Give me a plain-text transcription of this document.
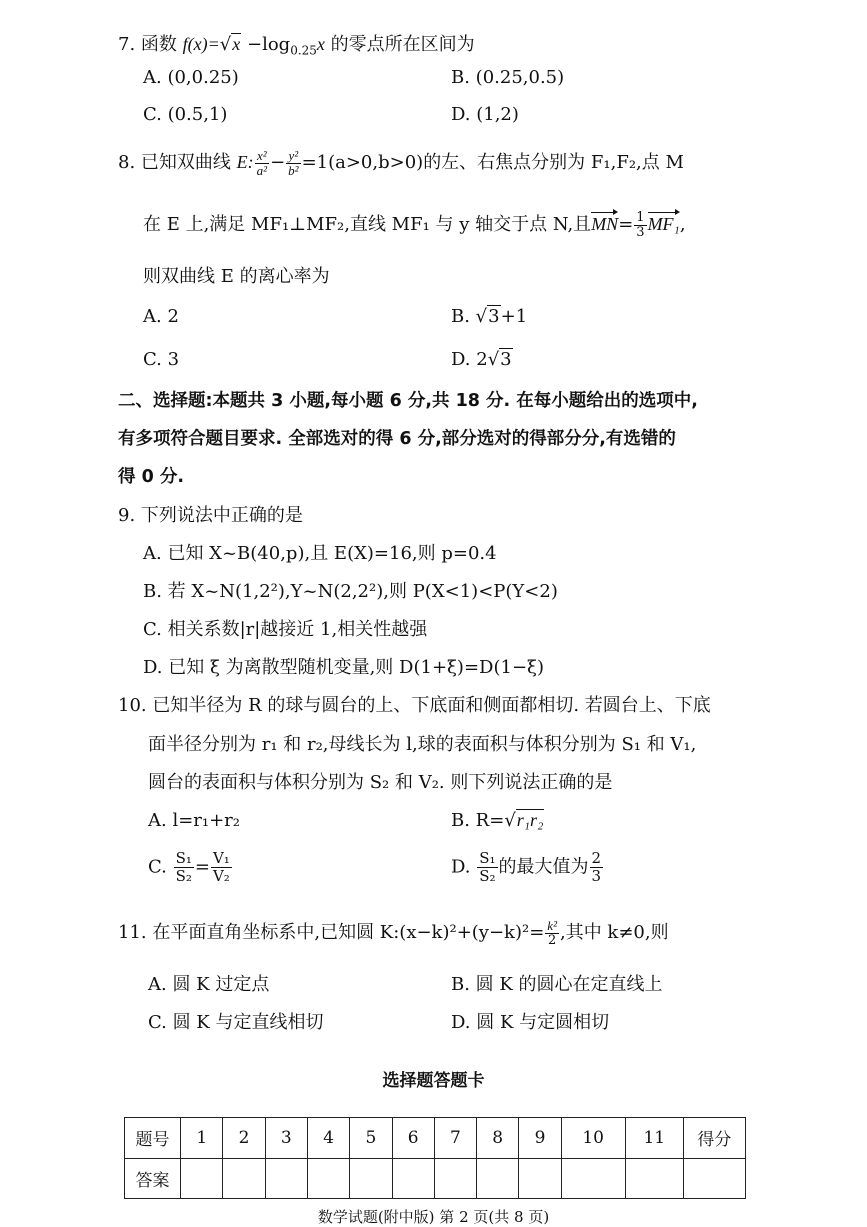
7. 函数 $f(x)=√x -\log_{0.25}x$ 的零点所在区间为
A. (0,0.25)	B. (0.25,0.5)
C. (0.5,1)	D. (1,2)
8. 已知双曲线 E: $\frac{\text{x²}}{\text{a²}} - \frac{\text{y²}}{\text{b²}} =1(a>0,b>0)$的左、右焦点分别为 F₁,F₂,点 M
在 E 上,满足 MF₁⊥MF₂,直线 MF₁ 与 y 轴交于点 N,且$MN= \frac{1}{3} MF_1$,
则双曲线 E 的离心率为
A. 2	B. √3+1
C. 3	D. 2√3
二、选择题:本题共 3 小题,每小题 6 分,共 18 分. 在每小题给出的选项中,
有多项符合题目要求. 全部选对的得 6 分,部分选对的得部分分,有选错的
得 0 分.
9. 下列说法中正确的是
A. 已知 X~B(40,p),且 E(X)=16,则 p=0.4
B. 若 X~N(1,2²),Y~N(2,2²),则 P(X<1)<P(Y<2)
C. 相关系数|r|越接近 1,相关性越强
D. 已知 ξ 为离散型随机变量,则 D(1+ξ)=D(1−ξ)
10. 已知半径为 R 的球与圆台的上、下底面和侧面都相切. 若圆台上、下底
面半径分别为 r₁ 和 r₂,母线长为 l,球的表面积与体积分别为 S₁ 和 V₁,
圆台的表面积与体积分别为 S₂ 和 V₂. 则下列说法正确的是
A. l=r₁+r₂	B. R=√r₁r₂
C. $\frac{\text{S₁}}{\text{S₂}} = \frac{\text{V₁}}{\text{V₂}}$	D. $\frac{\text{S₁}}{\text{S₂}}$ 的最大值为 $\frac{2}{3}$
11. 在平面直角坐标系中,已知圆 K:(x−k)²+(y−k)²= $\frac{\text{k²}}{2}$ ,其中 k≠0,则
A. 圆 K 过定点	B. 圆 K 的圆心在定直线上
C. 圆 K 与定直线相切	D. 圆 K 与定圆相切
选择题答题卡
题号	1	2	3	4	5	6	7	8	9	10	11	得分
答案												
数学试题(附中版) 第 2 页(共 8 页)
